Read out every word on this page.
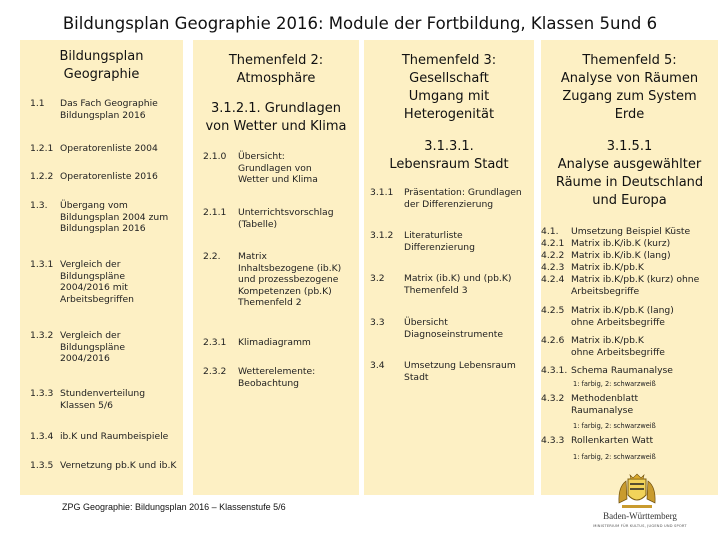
Bildungsplan Geographie 2016: Module der Fortbildung, Klassen 5und 6
Bildungsplan
Geographie
1.1 Das Fach Geographie
Bildungsplan 2016
1.2.1 Operatorenliste 2004
1.2.2 Operatorenliste 2016
1.3. Übergang vom
Bildungsplan 2004 zum
Bildungsplan 2016
1.3.1 Vergleich der
Bildungspläne
2004/2016 mit
Arbeitsbegriffen
1.3.2 Vergleich der
Bildungspläne
2004/2016
1.3.3 Stundenverteilung
Klassen 5/6
1.3.4 ib.K und Raumbeispiele
1.3.5 Vernetzung pb.K und ib.K
Themenfeld 2:
Atmosphäre
3.1.2.1. Grundlagen
von Wetter und Klima
2.1.0 Übersicht:
Grundlagen von
Wetter und Klima
2.1.1 Unterrichtsvorschlag
(Tabelle)
2.2. Matrix
Inhaltsbezogene (ib.K)
und prozessbezogene
Kompetenzen (pb.K)
Themenfeld 2
2.3.1 Klimadiagramm
2.3.2 Wetterelemente:
Beobachtung
Themenfeld 3:
Gesellschaft
Umgang mit
Heterogenität
3.1.3.1.
Lebensraum Stadt
3.1.1 Präsentation: Grundlagen
der Differenzierung
3.1.2 Literaturliste
Differenzierung
3.2 Matrix (ib.K) und (pb.K)
Themenfeld 3
3.3 Übersicht
Diagnoseinstrumente
3.4 Umsetzung Lebensraum
Stadt
Themenfeld 5:
Analyse von Räumen
Zugang zum System
Erde
3.1.5.1
Analyse ausgewählter
Räume in Deutschland
und Europa
4.1. Umsetzung Beispiel Küste
4.2.1 Matrix ib.K/ib.K (kurz)
4.2.2 Matrix ib.K/ib.K (lang)
4.2.3 Matrix ib.K/pb.K
4.2.4 Matrix ib.K/pb.K (kurz) ohne
Arbeitsbegriffe
4.2.5 Matrix ib.K/pb.K (lang)
ohne Arbeitsbegriffe
4.2.6 Matrix ib.K/pb.K
ohne Arbeitsbegriffe
4.3.1. Schema Raumanalyse
1: farbig, 2: schwarzweiß
4.3.2 Methodenblatt
Raumanalyse
1: farbig, 2: schwarzweiß
4.3.3 Rollenkarten Watt
1: farbig, 2: schwarzweiß
ZPG Geographie: Bildungsplan 2016 – Klassenstufe 5/6
Baden-Württemberg
MINISTERIUM FÜR KULTUS, JUGEND UND SPORT
